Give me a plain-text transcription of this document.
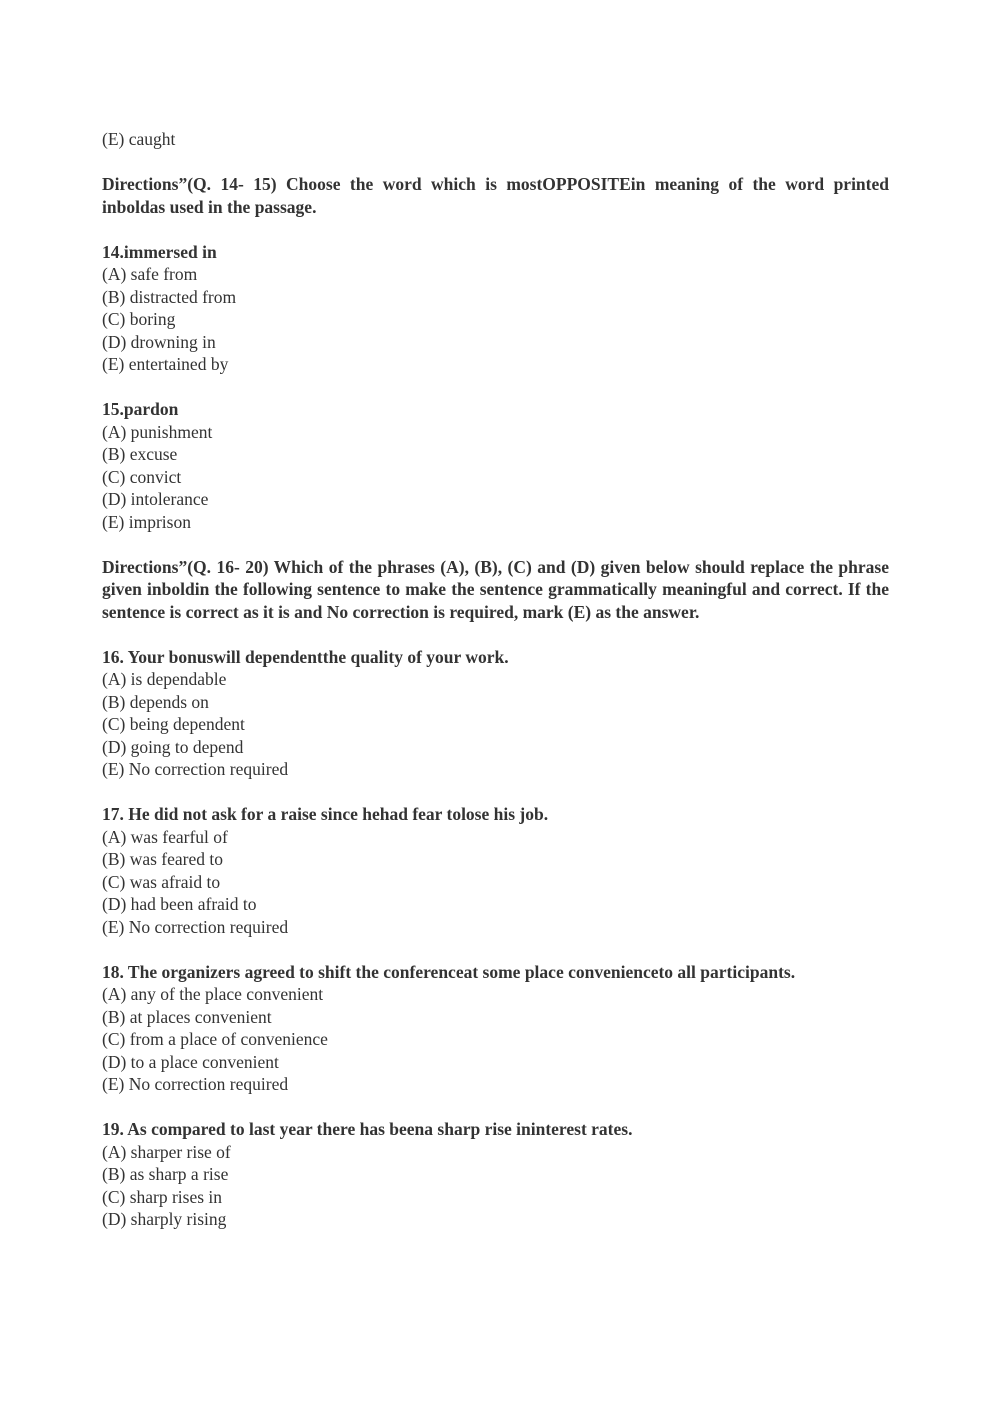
(E) caught
Directions”(Q. 14- 15) Choose the word which is mostOPPOSITEin meaning of the word printed inboldas used in the passage.
14.immersed in
(A) safe from
(B) distracted from
(C) boring
(D) drowning in
(E) entertained by
15.pardon
(A) punishment
(B) excuse
(C) convict
(D) intolerance
(E) imprison
Directions”(Q. 16- 20) Which of the phrases (A), (B), (C) and (D) given below should replace the phrase given inboldin the following sentence to make the sentence grammatically meaningful and correct. If the sentence is correct as it is and No correction is required, mark (E) as the answer.
16. Your bonuswill dependentthe quality of your work.
(A) is dependable
(B) depends on
(C) being dependent
(D) going to depend
(E) No correction required
17. He did not ask for a raise since hehad fear tolose his job.
(A) was fearful of
(B) was feared to
(C) was afraid to
(D) had been afraid to
(E) No correction required
18. The organizers agreed to shift the conferenceat some place convenienceto all participants.
(A) any of the place convenient
(B) at places convenient
(C) from a place of convenience
(D) to a place convenient
(E) No correction required
19. As compared to last year there has beena sharp rise ininterest rates.
(A) sharper rise of
(B) as sharp a rise
(C) sharp rises in
(D) sharply rising
